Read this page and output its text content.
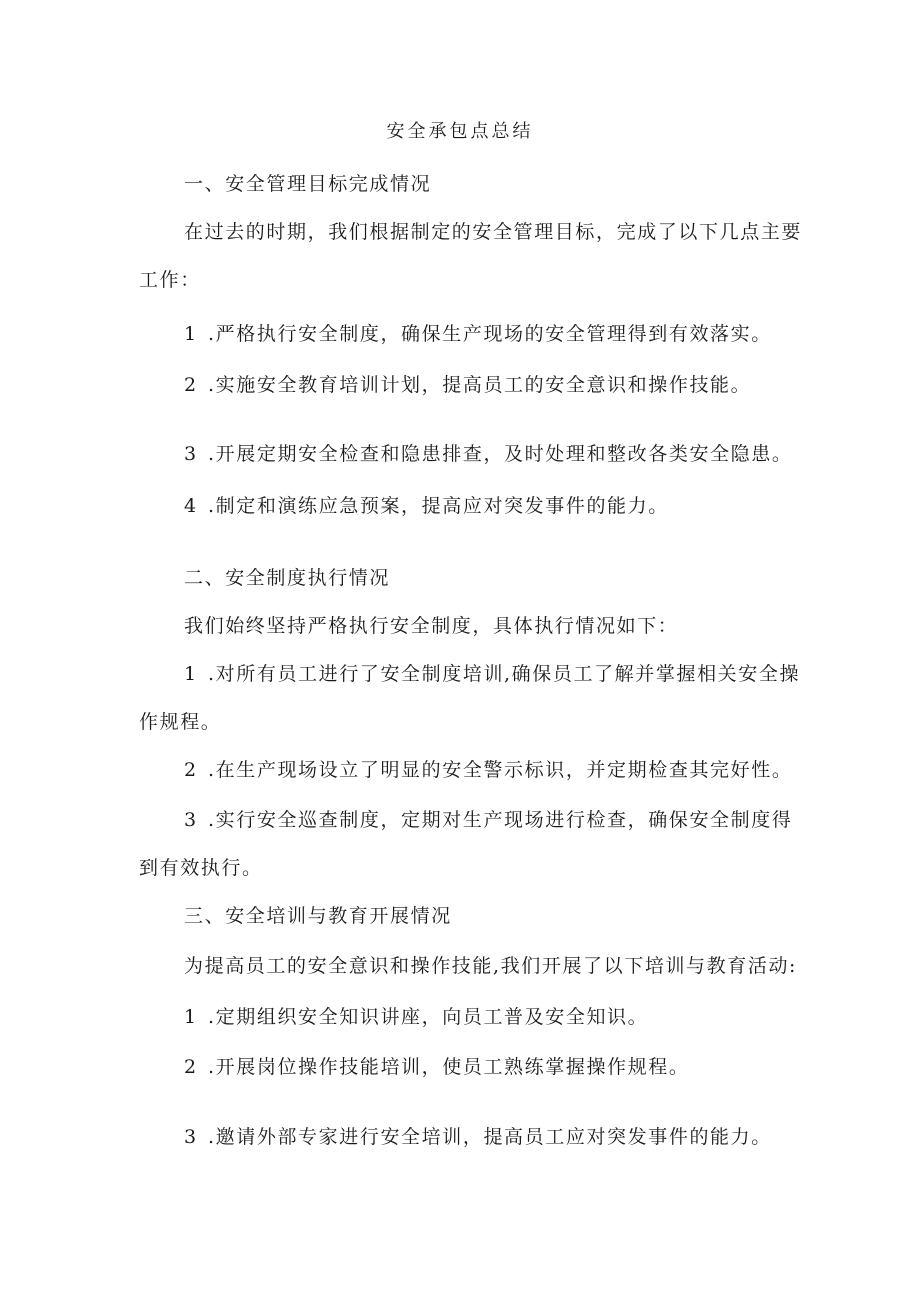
安全承包点总结
一、安全管理目标完成情况
在过去的时期，我们根据制定的安全管理目标，完成了以下几点主要
工作：
1 .严格执行安全制度，确保生产现场的安全管理得到有效落实。
2 .实施安全教育培训计划，提高员工的安全意识和操作技能。
3 .开展定期安全检查和隐患排查，及时处理和整改各类安全隐患。
4 .制定和演练应急预案，提高应对突发事件的能力。
二、安全制度执行情况
我们始终坚持严格执行安全制度，具体执行情况如下：
1 .对所有员工进行了安全制度培训,确保员工了解并掌握相关安全操
作规程。
2 .在生产现场设立了明显的安全警示标识，并定期检查其完好性。
3 .实行安全巡查制度，定期对生产现场进行检查，确保安全制度得
到有效执行。
三、安全培训与教育开展情况
为提高员工的安全意识和操作技能,我们开展了以下培训与教育活动:
1 .定期组织安全知识讲座，向员工普及安全知识。
2 .开展岗位操作技能培训，使员工熟练掌握操作规程。
3 .邀请外部专家进行安全培训，提高员工应对突发事件的能力。
